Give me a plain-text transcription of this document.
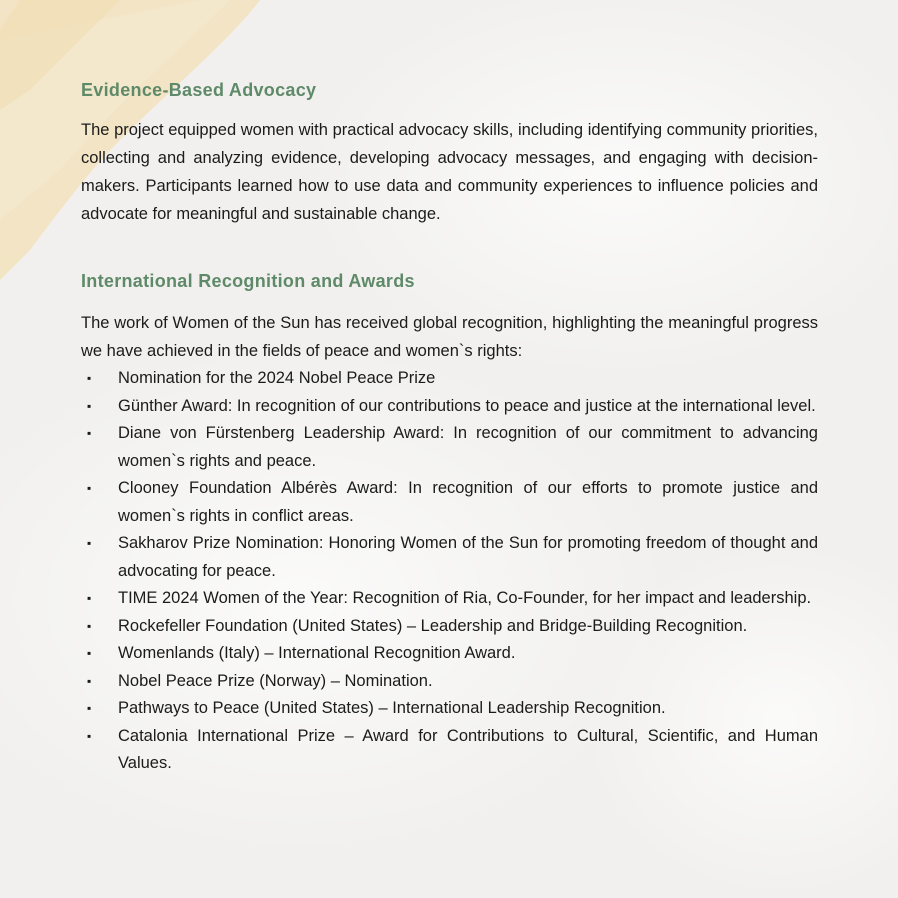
Evidence-Based Advocacy

The project equipped women with practical advocacy skills, including identifying community priorities, collecting and analyzing evidence, developing advocacy messages, and engaging with decision-makers. Participants learned how to use data and community experiences to influence policies and advocate for meaningful and sustainable change.

International Recognition and Awards

The work of Women of the Sun has received global recognition, highlighting the meaningful progress we have achieved in the fields of peace and women`s rights:

▪ Nomination for the 2024 Nobel Peace Prize
▪ Günther Award: In recognition of our contributions to peace and justice at the international level.
▪ Diane von Fürstenberg Leadership Award: In recognition of our commitment to advancing women`s rights and peace.
▪ Clooney Foundation Albérès Award: In recognition of our efforts to promote justice and women`s rights in conflict areas.
▪ Sakharov Prize Nomination: Honoring Women of the Sun for promoting freedom of thought and advocating for peace.
▪ TIME 2024 Women of the Year: Recognition of Ria, Co-Founder, for her impact and leadership.
▪ Rockefeller Foundation (United States) – Leadership and Bridge-Building Recognition.
▪ Womenlands (Italy) – International Recognition Award.
▪ Nobel Peace Prize (Norway) – Nomination.
▪ Pathways to Peace (United States) – International Leadership Recognition.
▪ Catalonia International Prize – Award for Contributions to Cultural, Scientific, and Human Values.
